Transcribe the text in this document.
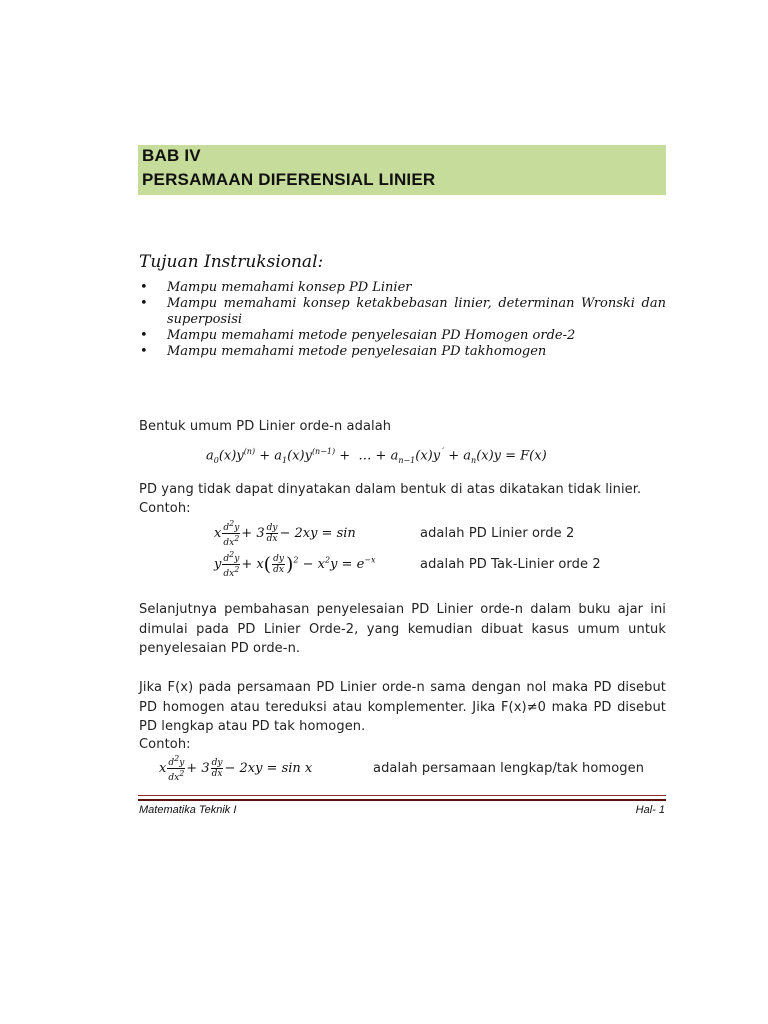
BAB IV
PERSAMAAN DIFERENSIAL LINIER
Tujuan Instruksional:
• Mampu memahami konsep PD Linier
• Mampu memahami konsep ketakbebasan linier, determinan Wronski dan superposisi
• Mampu memahami metode penyelesaian PD Homogen orde-2
• Mampu memahami metode penyelesaian PD takhomogen
Bentuk umum PD Linier orde-n adalah
$a_0(x)y^{(n)} + a_1(x)y^{(n-1)}$ +  … + $a_{n-1}(x)y^´ + a_n(x)y = F(x)$
PD yang tidak dapat dinyatakan dalam bentuk di atas dikatakan tidak linier.
Contoh:
x $\frac{d^2y}{dx^2} + 3 \frac{dy}{dx} - 2xy = \sin$	adalah PD Linier orde 2
y $\frac{d^2y}{dx^2} + x( \frac{dy}{dx} )^2 - x^2y = e^{-x}$	adalah PD Tak-Linier orde 2
Selanjutnya pembahasan penyelesaian PD Linier orde-n dalam buku ajar ini dimulai pada PD Linier Orde-2, yang kemudian dibuat kasus umum untuk penyelesaian PD orde-n.
Jika F(x) pada persamaan PD Linier orde-n sama dengan nol maka PD disebut PD homogen atau tereduksi atau komplementer. Jika F(x)≠0 maka PD disebut PD lengkap atau PD tak homogen.
Contoh:
x $\frac{d^2y}{dx^2} + 3 \frac{dy}{dx} - 2xy = \sin x$	adalah persamaan lengkap/tak homogen
Matematika Teknik I	Hal- 1
